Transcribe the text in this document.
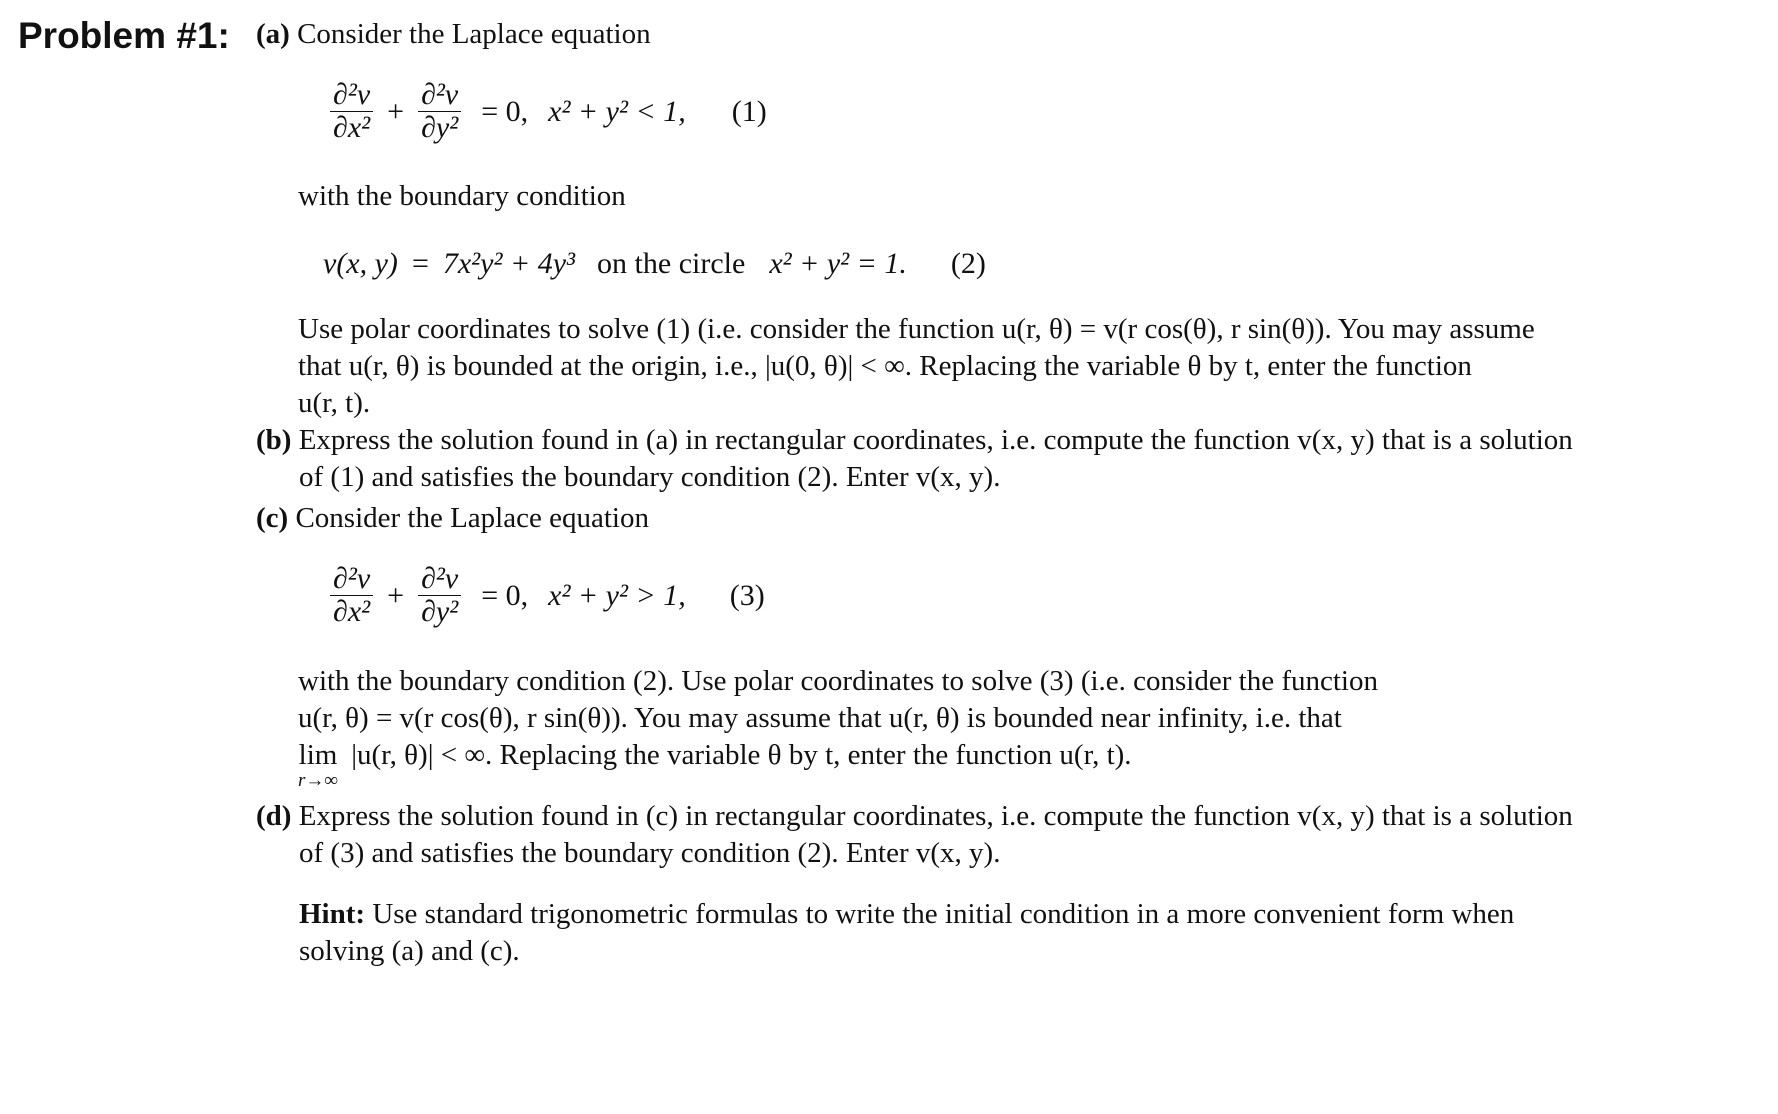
Problem #1: (a) Consider the Laplace equation
$\frac{\text{∂²v}}{\text{∂x²}} + \frac{\text{∂²v}}{\text{∂y²}} = 0$, x² + y² < 1, (1)
with the boundary condition
v(x, y) = 7x²y² + 4y³ on the circle x² + y² = 1. (2)
Use polar coordinates to solve (1) (i.e. consider the function u(r, θ) = v(r cos(θ), r sin(θ)). You may assume
that u(r, θ) is bounded at the origin, i.e., |u(0, θ)| < ∞. Replacing the variable θ by t, enter the function
u(r, t).
(b) Express the solution found in (a) in rectangular coordinates, i.e. compute the function v(x, y) that is a solution
of (1) and satisfies the boundary condition (2). Enter v(x, y).
(c) Consider the Laplace equation
$\frac{\text{∂²v}}{\text{∂x²}} + \frac{\text{∂²v}}{\text{∂y²}} = 0$, x² + y² > 1, (3)
with the boundary condition (2). Use polar coordinates to solve (3) (i.e. consider the function
u(r, θ) = v(r cos(θ), r sin(θ)). You may assume that u(r, θ) is bounded near infinity, i.e. that
lim
r→∞
|u(r, θ)| < ∞. Replacing the variable θ by t, enter the function u(r, t).
(d) Express the solution found in (c) in rectangular coordinates, i.e. compute the function v(x, y) that is a solution
of (3) and satisfies the boundary condition (2). Enter v(x, y).
Hint: Use standard trigonometric formulas to write the initial condition in a more convenient form when
solving (a) and (c).
